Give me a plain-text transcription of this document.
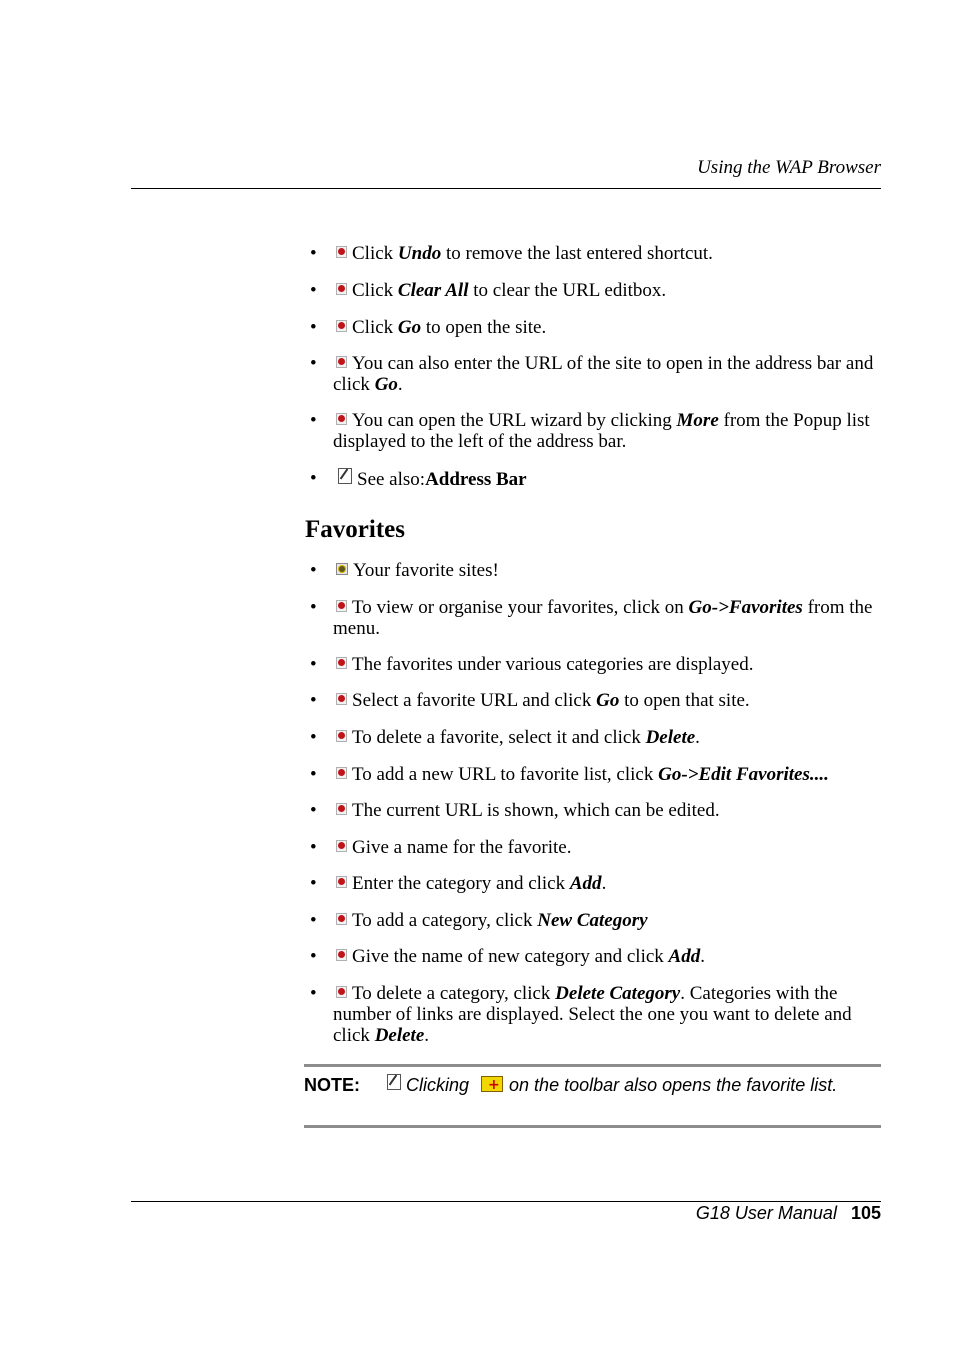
Using the WAP Browser
• Click Undo to remove the last entered shortcut.
• Click Clear All to clear the URL editbox.
• Click Go to open the site.
• You can also enter the URL of the site to open in the address bar and click Go.
• You can open the URL wizard by clicking More from the Popup list displayed to the left of the address bar.
• See also:Address Bar
Favorites
• Your favorite sites!
• To view or organise your favorites, click on Go->Favorites from the menu.
• The favorites under various categories are displayed.
• Select a favorite URL and click Go to open that site.
• To delete a favorite, select it and click Delete.
• To add a new URL to favorite list, click Go->Edit Favorites....
• The current URL is shown, which can be edited.
• Give a name for the favorite.
• Enter the category and click Add.
• To add a category, click New Category
• Give the name of new category and click Add.
• To delete a category, click Delete Category. Categories with the number of links are displayed. Select the one you want to delete and click Delete.
NOTE:	Clicking+ on the toolbar also opens the favorite list.
G18 User Manual 105
